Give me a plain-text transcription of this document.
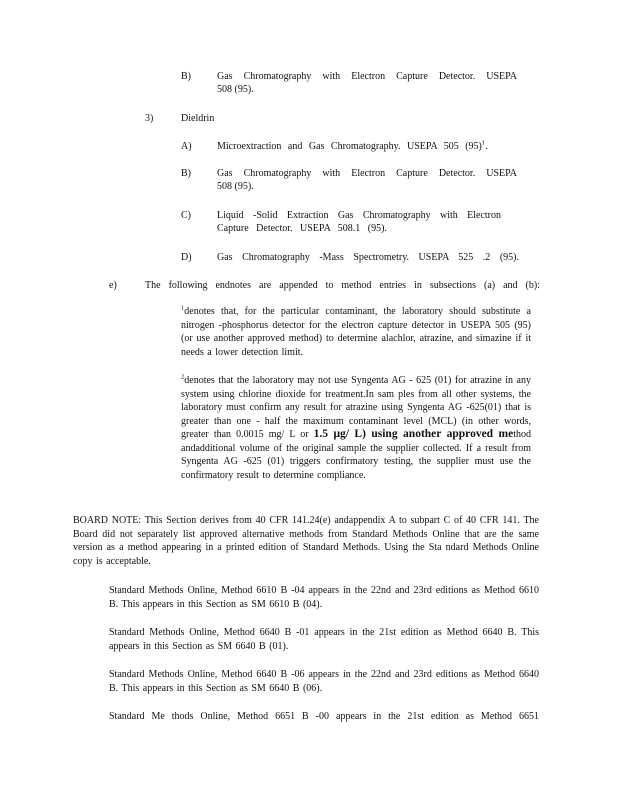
B)	Gas Chromatography with Electron Capture Detector. USEPA
508 (95).
3)	Dieldrin
A)	Microextraction and Gas Chromatography. USEPA 505 $(95)^1$.
B)	Gas Chromatography with Electron Capture Detector. USEPA
508 (95).
C)	Liquid -Solid Extraction Gas Chromatography with Electron
Capture Detector. USEPA 508.1 (95).
D)	Gas Chromatography -Mass Spectrometry. USEPA 525 .2 (95).
e)	The following endnotes are appended to method entries in subsections (a) and (b):
$^1$denotes that, for the particular contaminant, the laboratory should substitute a nitrogen -phosphorus detector for the electron capture detector in USEPA 505 (95) (or use another approved method) to determine alachlor, atrazine, and simazine if it needs a lower detection limit.
$^2$denotes that the laboratory may not use Syngenta AG - 625 (01) for atrazine in any system using chlorine dioxide for treatment.In sam ples from all other systems, the laboratory must confirm any result for atrazine using Syngenta AG -625(01) that is greater than one - half the maximum contaminant level (MCL) (in other words, greater than 0.0015 mg/ L or 1.5 μg/ L) using another approved method andadditional volume of the original sample the supplier collected. If a result from Syngenta AG -625 (01) triggers confirmatory testing, the supplier must use the confirmatory result to determine compliance.
BOARD NOTE: This Section derives from 40 CFR 141.24(e) andappendix A to subpart C of 40 CFR 141. The Board did not separately list approved alternative methods from Standard Methods Online that are the same version as a method appearing in a printed edition of Standard Methods. Using the Sta ndard Methods Online copy is acceptable.
Standard Methods Online, Method 6610 B -04 appears in the 22nd and 23rd editions as Method 6610 B. This appears in this Section as SM 6610 B (04).
Standard Methods Online, Method 6640 B -01 appears in the 21st edition as Method 6640 B. This appears in this Section as SM 6640 B (01).
Standard Methods Online, Method 6640 B -06 appears in the 22nd and 23rd editions as Method 6640 B. This appears in this Section as SM 6640 B (06).
Standard Me thods Online, Method 6651 B -00 appears in the 21st edition as Method 6651
